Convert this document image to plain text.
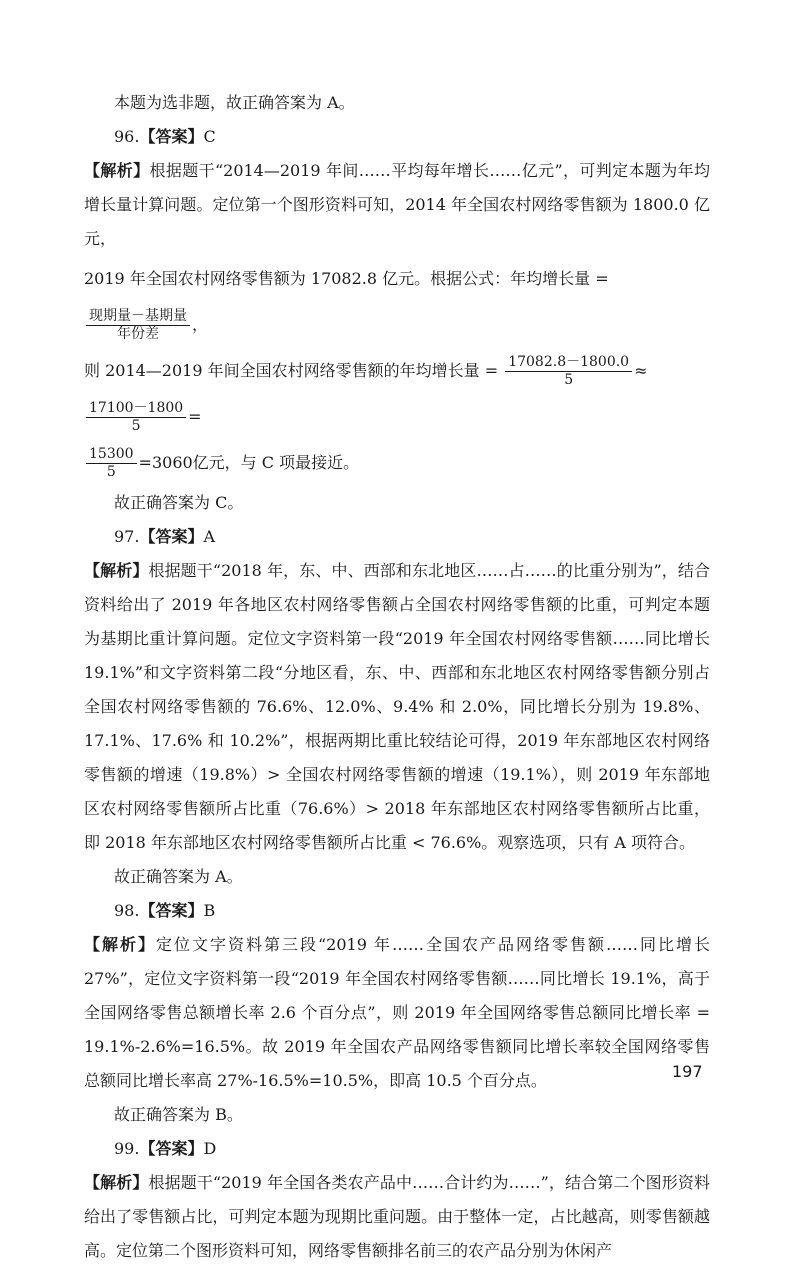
本题为选非题，故正确答案为 A。

96.【答案】C

【解析】根据题干“2014—2019 年间……平均每年增长……亿元”，可判定本题为年均增长量计算问题。定位第一个图形资料可知，2014 年全国农村网络零售额为 1800.0 亿元，

2019 年全国农村网络零售额为 17082.8 亿元。根据公式：年均增长量 =
$\frac{\text{现期量－基期量}}{\text{年份差}}$ ，

则 2014—2019 年间全国农村网络零售额的年均增长量 = $\frac{17082.8-1800.0}{5}$ ≈
$\frac{17100-1800}{5}$ =

$\frac{15300}{5} =3060$亿元，与 C 项最接近。

故正确答案为 C。

97.【答案】A

【解析】根据题干“2018 年，东、中、西部和东北地区……占……的比重分别为”，结合资料给出了 2019 年各地区农村网络零售额占全国农村网络零售额的比重，可判定本题为基期比重计算问题。定位文字资料第一段“2019 年全国农村网络零售额……同比增长 19.1%”和文字资料第二段“分地区看，东、中、西部和东北地区农村网络零售额分别占全国农村网络零售额的 76.6%、12.0%、9.4% 和 2.0%，同比增长分别为 19.8%、17.1%、17.6% 和 10.2%”，根据两期比重比较结论可得，2019 年东部地区农村网络零售额的增速（19.8%）> 全国农村网络零售额的增速（19.1%），则 2019 年东部地区农村网络零售额所占比重（76.6%）> 2018 年东部地区农村网络零售额所占比重，即 2018 年东部地区农村网络零售额所占比重 < 76.6%。观察选项，只有 A 项符合。

故正确答案为 A。

98.【答案】B

【解析】定位文字资料第三段“2019 年……全国农产品网络零售额……同比增长 27%”，定位文字资料第一段“2019 年全国农村网络零售额……同比增长 19.1%，高于全国网络零售总额增长率 2.6 个百分点”，则 2019 年全国网络零售总额同比增长率 = 19.1%-2.6%=16.5%。故 2019 年全国农产品网络零售额同比增长率较全国网络零售总额同比增长率高 27%-16.5%=10.5%，即高 10.5 个百分点。

故正确答案为 B。

99.【答案】D

【解析】根据题干“2019 年全国各类农产品中……合计约为……”，结合第二个图形资料给出了零售额占比，可判定本题为现期比重问题。由于整体一定，占比越高，则零售额越高。定位第二个图形资料可知，网络零售额排名前三的农产品分别为休闲产

197
